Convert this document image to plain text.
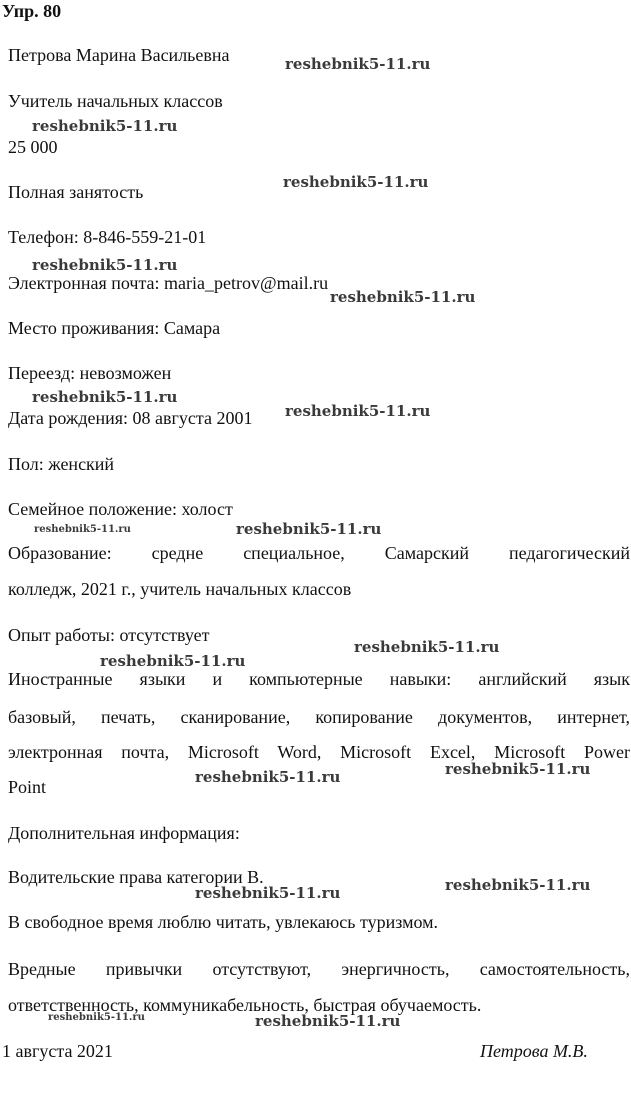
Упр. 80
Петрова Марина Васильевна
Учитель начальных классов
25 000
Полная занятость
Телефон: 8-846-559-21-01
Электронная почта: maria_petrov@mail.ru
Место проживания: Самара
Переезд: невозможен
Дата рождения: 08 августа 2001
Пол: женский
Семейное положение: холост
Образование: средне специальное, Самарский педагогический
колледж, 2021 г., учитель начальных классов
Опыт работы: отсутствует
Иностранные языки и компьютерные навыки: английский язык
базовый, печать, сканирование, копирование документов, интернет,
электронная почта, Microsoft Word, Microsoft Excel, Microsoft Power
Point
Дополнительная информация:
Водительские права категории B.
В свободное время люблю читать, увлекаюсь туризмом.
Вредные привычки отсутствуют, энергичность, самостоятельность,
ответственность, коммуникабельность, быстрая обучаемость.
1 августа 2021	Петрова М.В.
reshebnik5-11.ru
reshebnik5-11.ru
reshebnik5-11.ru
reshebnik5-11.ru
reshebnik5-11.ru
reshebnik5-11.ru
reshebnik5-11.ru
reshebnik5-11.ru	reshebnik5-11.ru
reshebnik5-11.ru
reshebnik5-11.ru
reshebnik5-11.ru	reshebnik5-11.ru
reshebnik5-11.ru	reshebnik5-11.ru
reshebnik5-11.ru	reshebnik5-11.ru
